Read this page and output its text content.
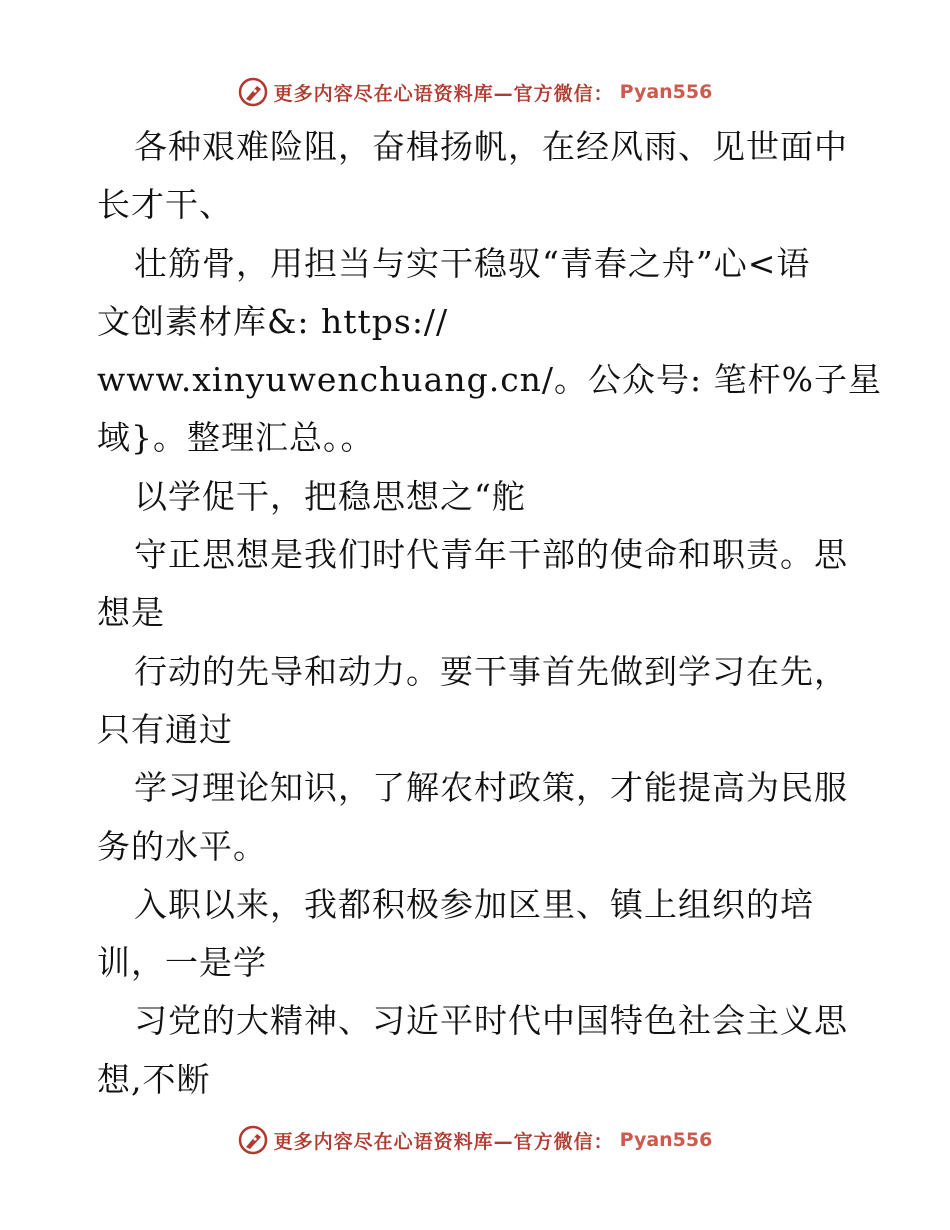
更多内容尽在心语资料库—官方微信： Pyan556
各种艰难险阻，奋楫扬帆，在经风雨、见世面中
长才干、
壮筋骨，用担当与实干稳驭“青春之舟”心<语
文创素材库&: https://
www.xinyuwenchuang.cn/。公众号: 笔杆%子星
域}。整理汇总。。
以学促干，把稳思想之“舵
守正思想是我们时代青年干部的使命和职责。思
想是
行动的先导和动力。要干事首先做到学习在先，
只有通过
学习理论知识，了解农村政策，才能提高为民服
务的水平。
入职以来，我都积极参加区里、镇上组织的培
训，一是学
习党的大精神、习近平时代中国特色社会主义思
想,不断
更多内容尽在心语资料库—官方微信： Pyan556
